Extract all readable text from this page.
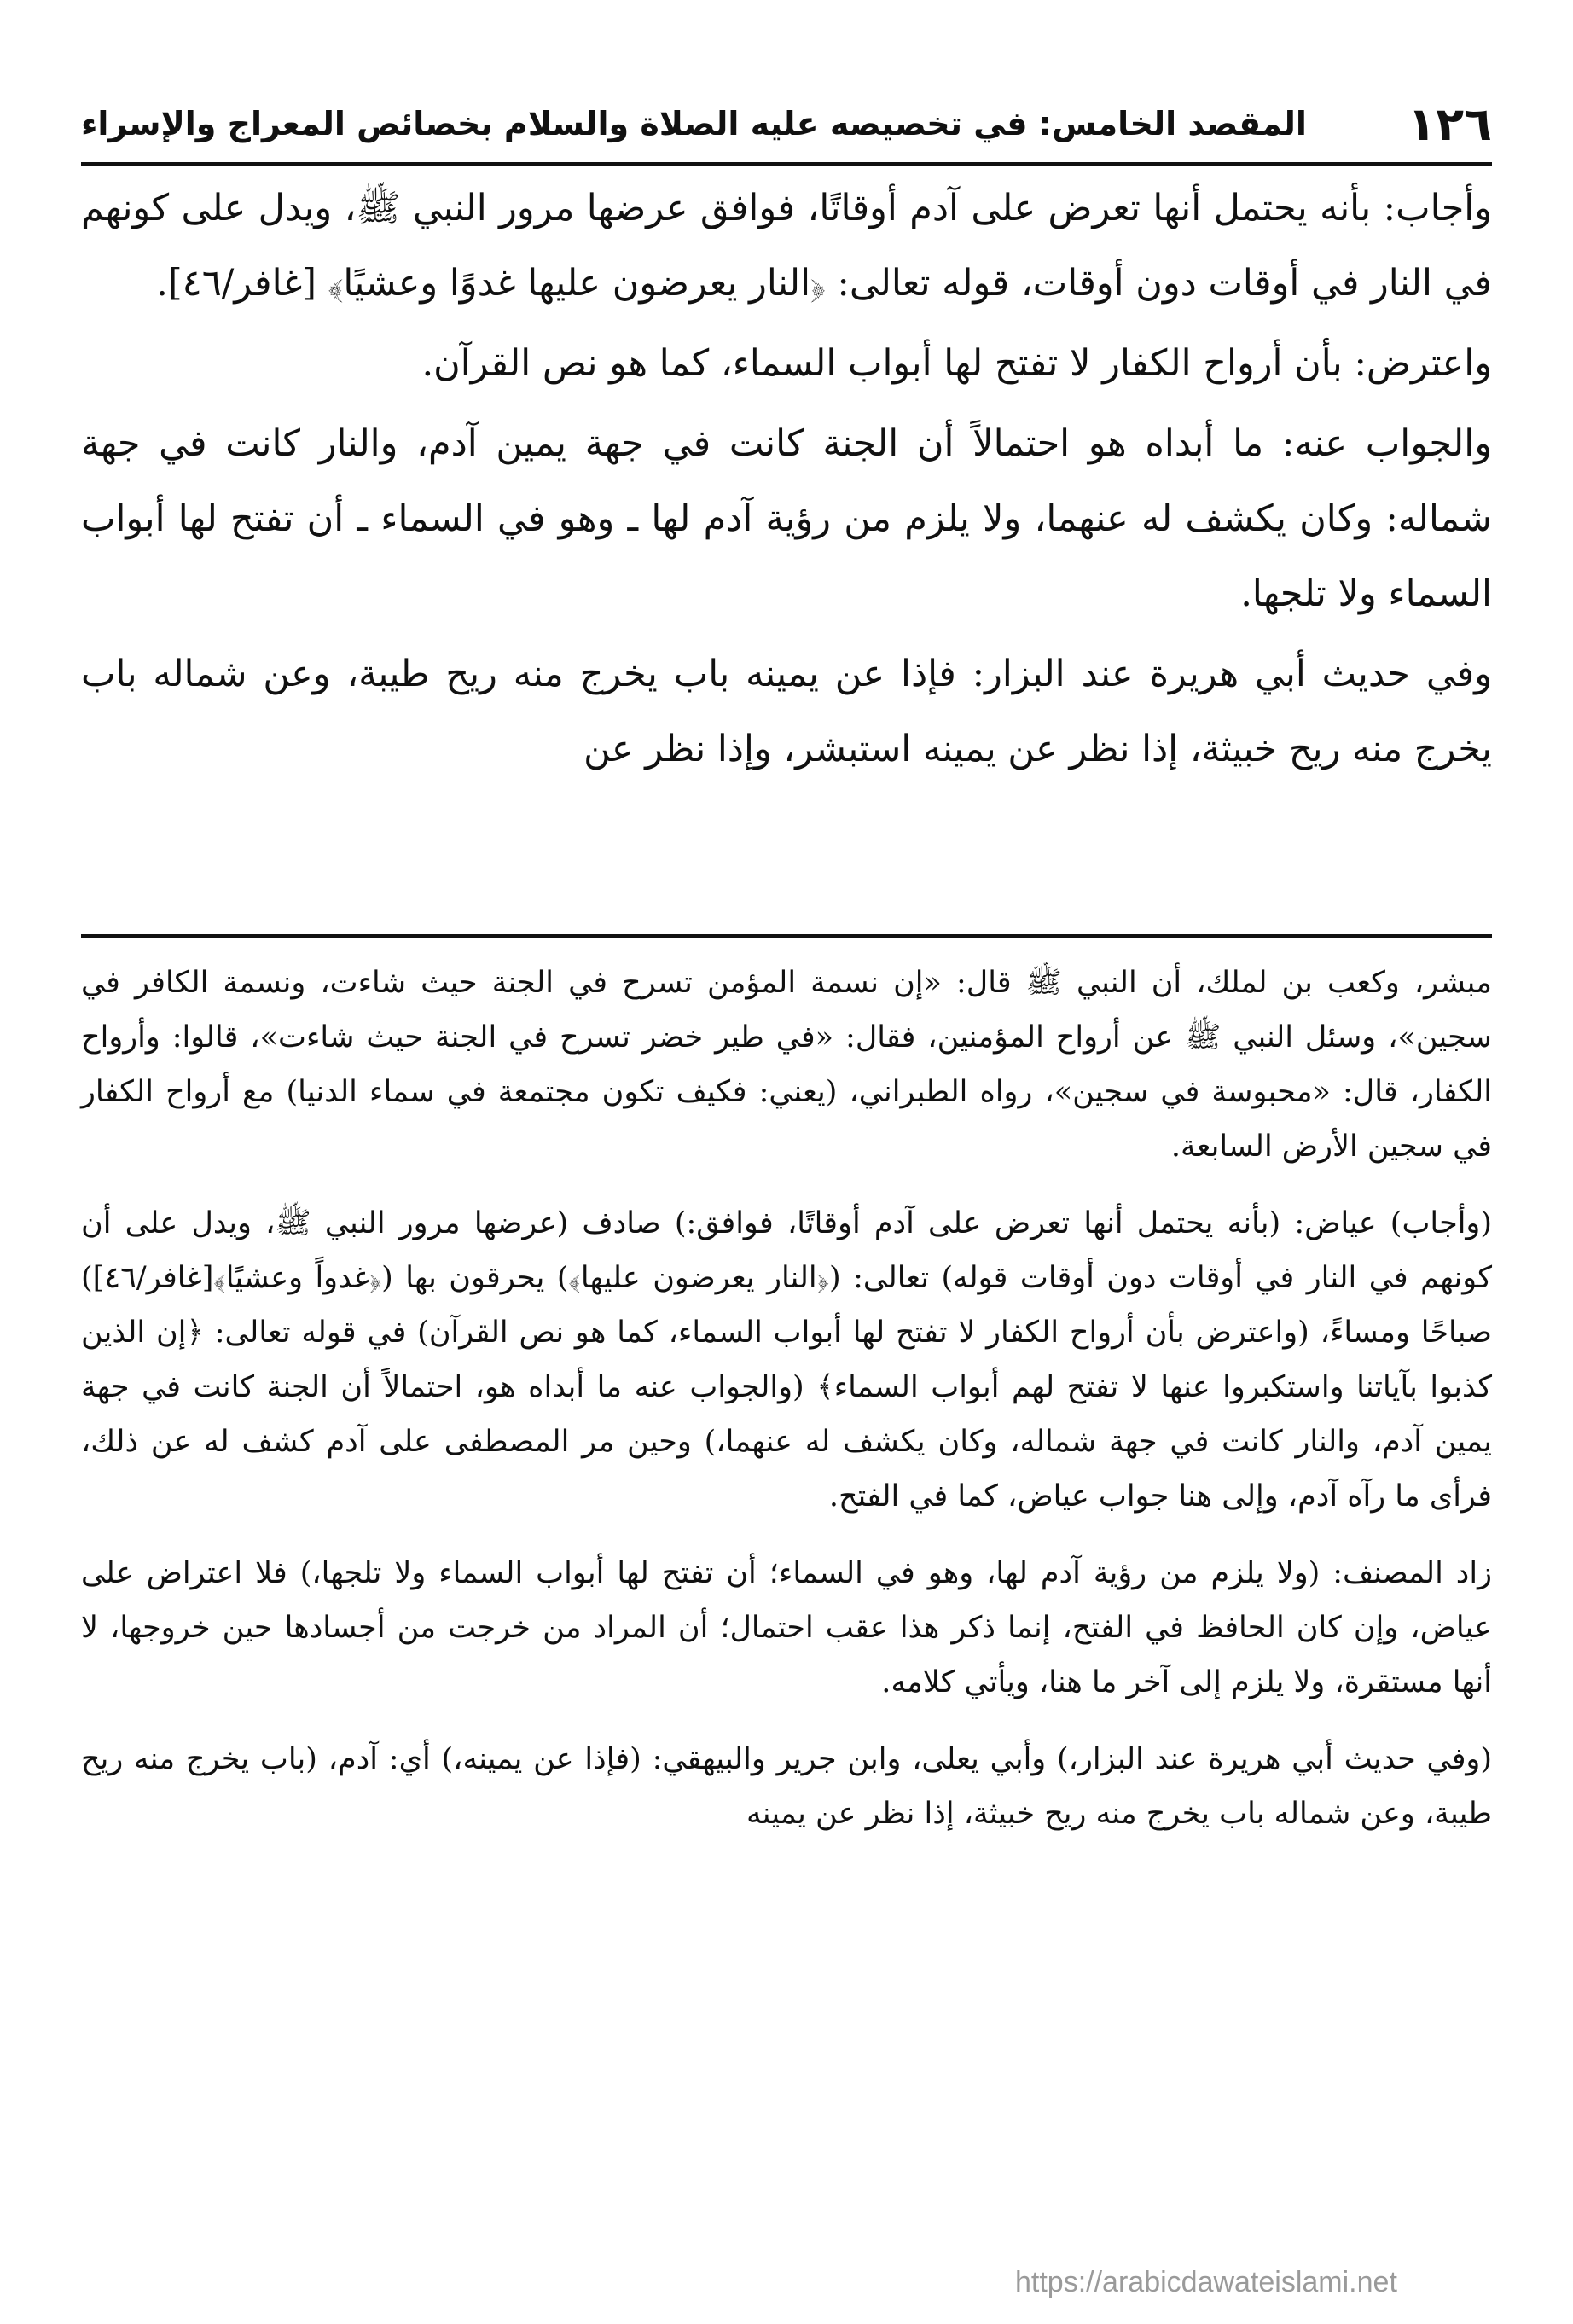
١٢٦
المقصد الخامس: في تخصيصه عليه الصلاة والسلام بخصائص المعراج والإسراء

وأجاب: بأنه يحتمل أنها تعرض على آدم أوقاتًا، فوافق عرضها مرور النبي ﷺ، ويدل على كونهم في النار في أوقات دون أوقات، قوله تعالى: ﴿النار يعرضون عليها غدوًا وعشيًا﴾ [غافر/٤٦].

واعترض: بأن أرواح الكفار لا تفتح لها أبواب السماء، كما هو نص القرآن.

والجواب عنه: ما أبداه هو احتمالاً أن الجنة كانت في جهة يمين آدم، والنار كانت في جهة شماله: وكان يكشف له عنهما، ولا يلزم من رؤية آدم لها ـ وهو في السماء ـ أن تفتح لها أبواب السماء ولا تلجها.

وفي حديث أبي هريرة عند البزار: فإذا عن يمينه باب يخرج منه ريح طيبة، وعن شماله باب يخرج منه ريح خبيثة، إذا نظر عن يمينه استبشر، وإذا نظر عن

مبشر، وكعب بن لملك، أن النبي ﷺ قال: «إن نسمة المؤمن تسرح في الجنة حيث شاءت، ونسمة الكافر في سجين»، وسئل النبي ﷺ عن أرواح المؤمنين، فقال: «في طير خضر تسرح في الجنة حيث شاءت»، قالوا: وأرواح الكفار، قال: «محبوسة في سجين»، رواه الطبراني، (يعني: فكيف تكون مجتمعة في سماء الدنيا) مع أرواح الكفار في سجين الأرض السابعة.

(وأجاب) عياض: (بأنه يحتمل أنها تعرض على آدم أوقاتًا، فوافق:) صادف (عرضها مرور النبي ﷺ، ويدل على أن كونهم في النار في أوقات دون أوقات قوله) تعالى: (﴿النار يعرضون عليها﴾) يحرقون بها (﴿غدواً وعشيًا﴾[غافر/٤٦]) صباحًا ومساءً، (واعترض بأن أرواح الكفار لا تفتح لها أبواب السماء، كما هو نص القرآن) في قوله تعالى: ﴿إن الذين كذبوا بآياتنا واستكبروا عنها لا تفتح لهم أبواب السماء﴾ (والجواب عنه ما أبداه هو، احتمالاً أن الجنة كانت في جهة يمين آدم، والنار كانت في جهة شماله، وكان يكشف له عنهما،) وحين مر المصطفى على آدم كشف له عن ذلك، فرأى ما رآه آدم، وإلى هنا جواب عياض، كما في الفتح.

زاد المصنف: (ولا يلزم من رؤية آدم لها، وهو في السماء؛ أن تفتح لها أبواب السماء ولا تلجها،) فلا اعتراض على عياض، وإن كان الحافظ في الفتح، إنما ذكر هذا عقب احتمال؛ أن المراد من خرجت من أجسادها حين خروجها، لا أنها مستقرة، ولا يلزم إلى آخر ما هنا، ويأتي كلامه.

(وفي حديث أبي هريرة عند البزار،) وأبي يعلى، وابن جرير والبيهقي: (فإذا عن يمينه،) أي: آدم، (باب يخرج منه ريح طيبة، وعن شماله باب يخرج منه ريح خبيثة، إذا نظر عن يمينه

https://arabicdawateislami.net
